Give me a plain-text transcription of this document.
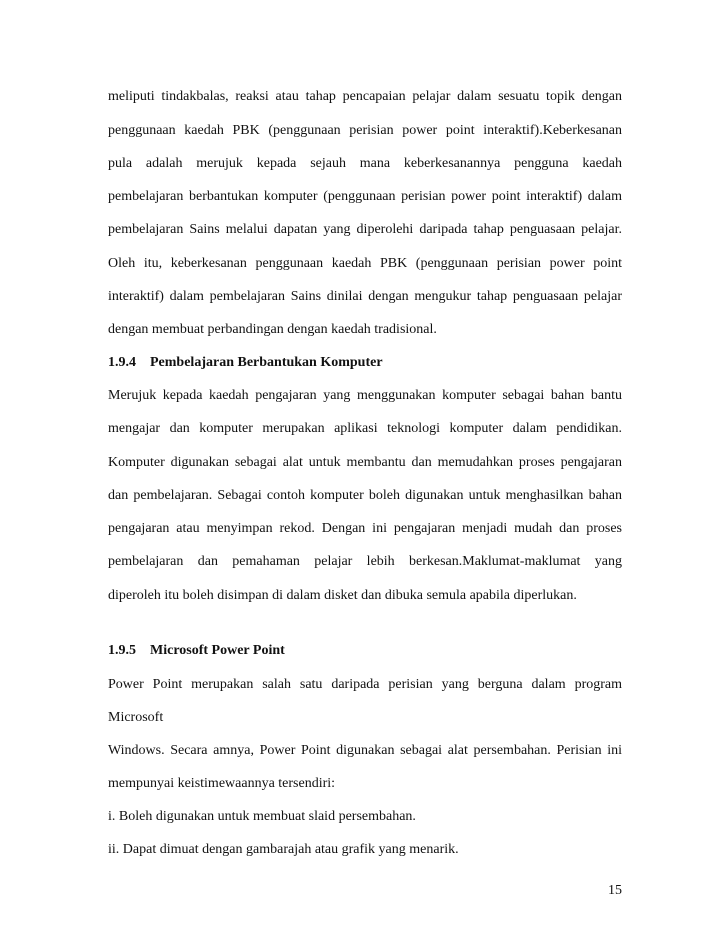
meliputi tindakbalas, reaksi atau tahap pencapaian pelajar dalam sesuatu topik dengan
penggunaan kaedah PBK (penggunaan perisian power point interaktif).Keberkesanan
pula adalah merujuk kepada sejauh mana keberkesanannya pengguna kaedah
pembelajaran berbantukan komputer (penggunaan perisian power point interaktif) dalam
pembelajaran Sains melalui dapatan yang diperolehi daripada tahap penguasaan pelajar.
Oleh itu, keberkesanan penggunaan kaedah PBK (penggunaan perisian power point
interaktif) dalam pembelajaran Sains dinilai dengan mengukur tahap penguasaan pelajar
dengan membuat perbandingan dengan kaedah tradisional.
1.9.4 Pembelajaran Berbantukan Komputer
Merujuk kepada kaedah pengajaran yang menggunakan komputer sebagai bahan bantu
mengajar dan komputer merupakan aplikasi teknologi komputer dalam pendidikan.
Komputer digunakan sebagai alat untuk membantu dan memudahkan proses pengajaran
dan pembelajaran. Sebagai contoh komputer boleh digunakan untuk menghasilkan bahan
pengajaran atau menyimpan rekod. Dengan ini pengajaran menjadi mudah dan proses
pembelajaran dan pemahaman pelajar lebih berkesan.Maklumat-maklumat yang
diperoleh itu boleh disimpan di dalam disket dan dibuka semula apabila diperlukan.
1.9.5 Microsoft Power Point
Power Point merupakan salah satu daripada perisian yang berguna dalam program
Microsoft
Windows. Secara amnya, Power Point digunakan sebagai alat persembahan. Perisian ini
mempunyai keistimewaannya tersendiri:
i. Boleh digunakan untuk membuat slaid persembahan.
ii. Dapat dimuat dengan gambarajah atau grafik yang menarik.
15
